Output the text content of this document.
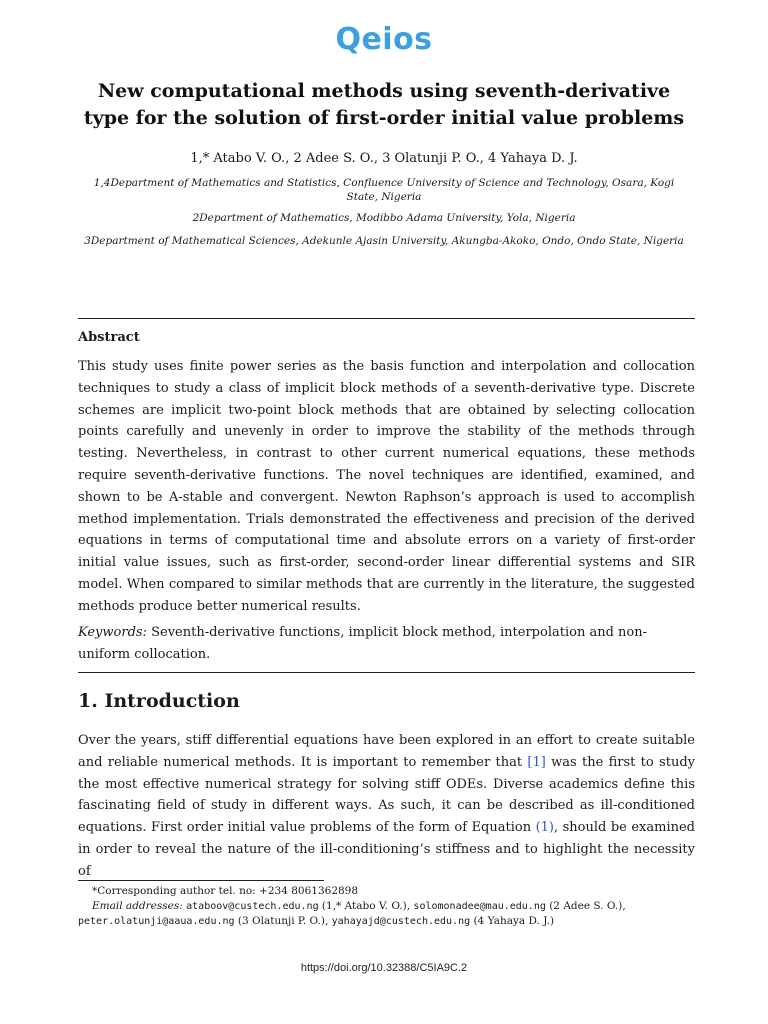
Qeios
New computational methods using seventh-derivative
type for the solution of first-order initial value problems
1,* Atabo V. O., 2 Adee S. O., 3 Olatunji P. O., 4 Yahaya D. J.
1,4Department of Mathematics and Statistics, Confluence University of Science and Technology, Osara, Kogi State, Nigeria
2Department of Mathematics, Modibbo Adama University, Yola, Nigeria
3Department of Mathematical Sciences, Adekunle Ajasin University, Akungba-Akoko, Ondo, Ondo State, Nigeria
Abstract
This study uses finite power series as the basis function and interpolation and collocation techniques to study a class of implicit block methods of a seventh-derivative type. Discrete schemes are implicit two-point block methods that are obtained by selecting collocation points carefully and unevenly in order to improve the stability of the methods through testing. Nevertheless, in contrast to other current numerical equations, these methods require seventh-derivative functions. The novel techniques are identified, examined, and shown to be A-stable and convergent. Newton Raphson’s approach is used to accomplish method implementation. Trials demonstrated the effectiveness and precision of the derived equations in terms of computational time and absolute errors on a variety of first-order initial value issues, such as first-order, second-order linear differential systems and SIR model. When compared to similar methods that are currently in the literature, the suggested methods produce better numerical results.
Keywords: Seventh-derivative functions, implicit block method, interpolation and non-uniform collocation.
1. Introduction
Over the years, stiff differential equations have been explored in an effort to create suitable and reliable numerical methods. It is important to remember that [1] was the first to study the most effective numerical strategy for solving stiff ODEs. Diverse academics define this fascinating field of study in different ways. As such, it can be described as ill-conditioned equations. First order initial value problems of the form of Equation (1), should be examined in order to reveal the nature of the ill-conditioning’s stiffness and to highlight the necessity of
*Corresponding author tel. no: +234 8061362898
Email addresses: ataboov@custech.edu.ng (1,* Atabo V. O.), solomonadee@mau.edu.ng (2 Adee S. O.),
peter.olatunji@aaua.edu.ng (3 Olatunji P. O.), yahayajd@custech.edu.ng (4 Yahaya D. J.)
https://doi.org/10.32388/C5IA9C.2
